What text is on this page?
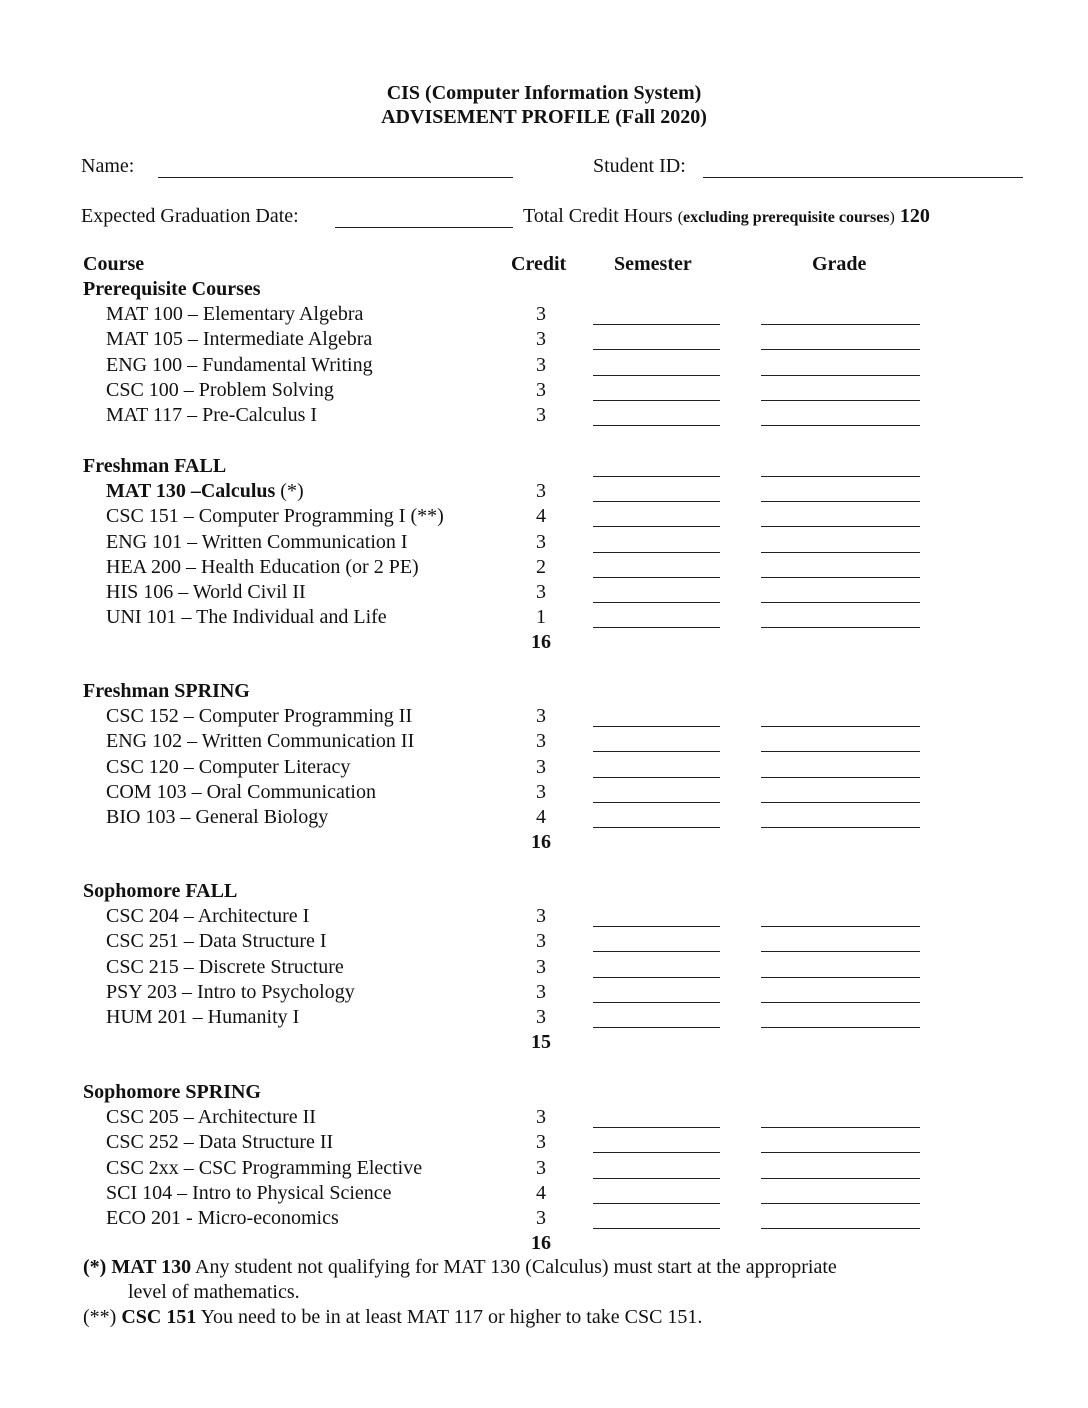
CIS (Computer Information System)
ADVISEMENT PROFILE (Fall 2020)
Name:	Student ID:
Expected Graduation Date:	Total Credit Hours (excluding prerequisite courses) 120
Course	Credit Semester	Grade
Prerequisite Courses
MAT 100 – Elementary Algebra	3
MAT 105 – Intermediate Algebra	3
ENG 100 – Fundamental Writing	3
CSC 100 – Problem Solving	3
MAT 117 – Pre-Calculus I	3
Freshman FALL
MAT 130 –Calculus (*)	3
CSC 151 – Computer Programming I (**)	4
ENG 101 – Written Communication I	3
HEA 200 – Health Education (or 2 PE)	2
HIS 106 – World Civil II	3
UNI 101 – The Individual and Life	1
16
Freshman SPRING
CSC 152 – Computer Programming II	3
ENG 102 – Written Communication II	3
CSC 120 – Computer Literacy	3
COM 103 – Oral Communication	3
BIO 103 – General Biology	4
16
Sophomore FALL
CSC 204 – Architecture I	3
CSC 251 – Data Structure I	3
CSC 215 – Discrete Structure	3
PSY 203 – Intro to Psychology	3
HUM 201 – Humanity I	3
15
Sophomore SPRING
CSC 205 – Architecture II	3
CSC 252 – Data Structure II	3
CSC 2xx – CSC Programming Elective	3
SCI 104 – Intro to Physical Science	4
ECO 201 - Micro-economics	3
16
(*) MAT 130 Any student not qualifying for MAT 130 (Calculus) must start at the appropriate
level of mathematics.
(**) CSC 151 You need to be in at least MAT 117 or higher to take CSC 151.
